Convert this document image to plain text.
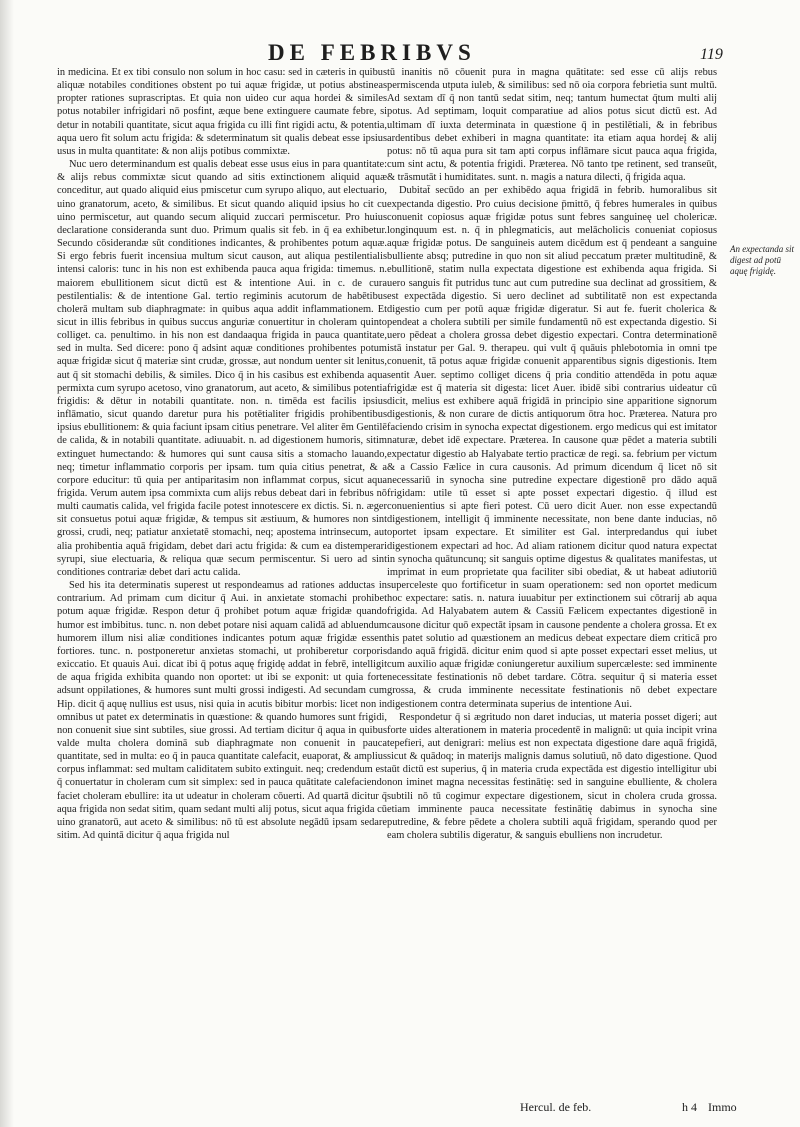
DE FEBRIBVS	119

in medicina. Et ex tibi consulo non solum in hoc casu: sed in cæteris in quibus aliquæ notabiles conditiones obstent po tui aquæ frigidæ, ut potius abstineas propter rationes suprascriptas. Et quia non uideo cur aqua hordei & similes potus notabiler infrigidari nō posfint, æque bene extinguere caumate febre, si detur in notabili quantitate, sicut aqua frigida cu illi fint rigidi actu, & potentia, aqua uero fit solum actu frigida: & sdeterminatum sit qualis debeat esse ipsius usus in multa quantitate: & non alijs potibus commixtæ.

Nuc uero determinandum est qualis debeat esse usus eius in para quantitate: & alijs rebus commixtæ sicut quando ad sitis extinctionem aliquid aquæ conceditur, aut quado aliquid eius pmiscetur cum syrupo aliquo, aut electuario, uino granatorum, aceto, & similibus. Et sicut quando aliquid ipsius ho cit cu uino permiscetur, aut quando secum aliquid zuccari permiscetur. Pro huius declaratione consideranda sunt duo. Primum qualis sit feb. in q̄ ea exhibetur. Secundo cōsiderandæ sūt conditiones indicantes, & prohibentes potum aquæ. Si ergo febris fuerit incensiua multum sicut causon, aut aliqua pestilentialis intensi caloris: tunc in his non est exhibenda pauca aqua frigida: timemus. n. maiorem ebullitionem sicut dictū est & intentione Aui. in c. de cura pestilentialis: & de intentione Gal. tertio regiminis acutorum de habētibus cholerā multam sub diaphragmate: in quibus aqua addit inflammationem. Et sicut in illis febribus in quibus succus anguriæ conuertitur in choleram quinto colliget. ca. penultimo. in his non est dandaaqua frigida in pauca quantitate, sed in multa. Sed dicere: pono q̄ adsint aquæ conditiones prohibentes potum aquæ frigidæ sicut q̄ materiæ sint crudæ, grossæ, aut nondum uenter sit lenitus, aut q̄ sit stomachi debilis, & similes. Dico q̄ in his casibus est exhibenda aqua permixta cum syrupo acetoso, vino granatorum, aut aceto, & similibus potentia frigidis: & dētur in notabili quantitate. non. n. timēda est facilis ipsius inflāmatio, sicut quando daretur pura his potētialiter frigidis prohibentibus ipsius ebullitionem: & quia faciunt ipsam citius penetrare. Vel aliter ēm Gentilē de calida, & in notabili quantitate. adiuuabit. n. ad digestionem humoris, sitim extinguet humectando: & humores qui sunt causa sitis a stomacho lauando, neq; timetur inflammatio corporis per ipsam. tum quia citius penetrat, & a corpore educitur: tū quia per antiparitasim non inflammat corpus, sicut aqua frigida. Verum autem ipsa commixta cum alijs rebus debeat dari in febribus nō multi caumatis calida, vel frigida facile potest innotescere ex dictis. Si. n. æger sit consuetus potui aquæ frigidæ, & tempus sit æstiuum, & humores non sint grossi, crudi, neq; patiatur anxietatē stomachi, neq; apostema intrinsecum, aut alia prohibentia aquā frigidam, debet dari actu frigida: & cum ea distemperari syrupi, siue electuaria, & reliqua quæ secum permiscentur. Si uero ad sint conditiones contrariæ debet dari actu calida.

Sed his ita determinatis superest ut respondeamus ad rationes adductas in contrarium. Ad primam cum dicitur q̄ Aui. in anxietate stomachi prohibet potum aquæ frigidæ. Respon detur q̄ prohibet potum aquæ frigidæ quando humor est imbibitus. tunc. n. non debet potare nisi aquam calidā ad abluendum humorem illum nisi aliæ conditiones indicantes potum aquæ frigidæ essent fortiores. tunc. n. postponeretur anxietas stomachi, ut prohiberetur corporis exiccatio. Et quauis Aui. dicat ibi q̄ potus aquę frigidę addat in febrē, intelligit de aqua frigida exhibita quando non oportet: ut ibi se exponit: ut quia forte adsunt oppilationes, & humores sunt multi grossi indigesti. Ad secundam cum Hip. dicit q̄ aquę nullius est usus, nisi quia in acutis bibitur morbis: licet non in omnibus ut patet ex determinatis in quæstione: & quando humores sunt frigidi, non conuenit siue sint subtiles, siue grossi. Ad tertiam dicitur q̄ aqua in quibus valde multa cholera dominā sub diaphragmate non conuenit in pauca quantitate, sed in multa: eo q̄ in pauca quantitate calefacit, euaporat, & amplius corpus inflammat: sed multam caliditatem subito extinguit. neq; credendum est q̄ conuertatur in choleram cum sit simplex: sed in pauca quātitate calefaciendo faciet choleram ebullire: ita ut udeatur in choleram cōuerti. Ad quartā dicitur q̄ aqua frigida non sedat sitim, quam sedant multi alij potus, sicut aqua frigida cū uino granatorū, aut aceto & similibus: nō tū est absolute negādū ipsam sedare sitim. Ad quintā dicitur q̄ aqua frigida nul

tū inanitis nō cōuenit pura in magna quātitate: sed esse cū alijs rebus permiscenda utputa iuleb, & similibus: sed nō oia corpora febrietia sunt multū. Ad sextam dī q̄ non tantū sedat sitim, neq; tantum humectat q̄tum multi alij potus. Ad septimam, loquit comparatiue ad alios potus sicut dictū est. Ad ultimam dī iuxta determinata in quæstione q̄ in pestilētiali, & in febribus ardentibus debet exhiberi in magna quantitate: ita etiam aqua hordeį & alij potus: nō tū aqua pura sit tam apti corpus inflāmare sicut pauca aqua frigida, cum sint actu, & potentia frigidi. Præterea. Nō tanto tpe retinent, sed transeūt, & trāsmutāt i humiditates. sunt. n. magis a natura dilecti, q̄ frigida aqua.

Dubitat̄ secūdo an per exhibēdo aqua frigidā in febrib. humoralibus sit expectanda digestio. Pro cuius decisione p̄mittō, q̄ febres humerales in quibus conuenit copiosus aquæ frigidæ potus sunt febres sanguineę uel cholericæ. longinquum est. n. q̄ in phlegmaticis, aut melācholicis conueniat copiosus aquæ frigidæ potus. De sanguineis autem dicēdum est q̄ pendeant a sanguine bulliente absq; putredine in quo non sit aliud peccatum præter multitudinē, & ebullitionē, statim nulla expectata digestione est exhibenda aqua frigida. Si uero sanguis fit putridus tunc aut cum putredine sua declinat ad grossitiem, & est expectāda digestio. Si uero declinet ad subtilitatē non est expectanda digestio cum per potū aquæ frigidæ digeratur. Si aut fe. fuerit cholerica & pendeat a cholera subtili per simile fundamentū nō est expectanda digestio. Si uero pēdeat a cholera grossa debet digestio expectari. Contra determinationē istā instatur per Gal. 9. therapeu. qui vult q̄ quāuis phlebotomia in omni tpe conuenit, tā potus aquæ frigidæ conuenit apparentibus signis digestionis. Item sentit Auer. septimo colliget dicens q̄ pria conditio attendēda in potu aquæ frigidæ est q̄ materia sit digesta: licet Auer. ibidē sibi contrarius uideatur cū dicit, melius est exhibere aquā frigidā in principio sine apparitione signorum digestionis, & non curare de dictis antiquorum ōtra hoc. Præterea. Natura pro faciendo crisim in synocha expectat digestionem. ergo medicus qui est imitator naturæ, debet idē expectare. Præterea. In causone quæ pēdet a materia subtili expectatur digestio ab Halyabate tertio practicæ de regi. sa. febrium per victum & a Cassio Fælice in cura causonis. Ad primum dicendum q̄ licet nō sit necessariū in synocha sine putredine expectare digestionē pro dādo aquā frigidam: utile tū esset si apte posset expectari digestio. q̄ illud est conuenientius si apte fieri potest. Cū uero dicit Auer. non esse expectandū digestionem, intelligit q̄ imminente necessitate, non bene dante inducias, nō oportet ipsam expectare. Et similiter est Gal. interpredandus qui iubet digestionem expectari ad hoc. Ad aliam rationem dicitur quod natura expectat in synocha quātuncunq; sit sanguis optime digestus & qualitates manifestas, ut imprimat in eum proprietate qua faciliter sibi obediat, & ut habeat adiutoriū superceleste quo fortificetur in suam operationem: sed non oportet medicum hoc expectare: satis. n. natura iuuabitur per extinctionem sui cōtrarij ab aqua frigida. Ad Halyabatem autem & Cassiū Fælicem expectantes digestionē in causone dicitur quō expectāt ipsam in causone pendente a cholera grossa. Et ex his patet solutio ad quæstionem an medicus debeat expectare diem criticā pro dando aquā frigidā. dicitur enim quod si apte posset expectari esset melius, ut cum auxilio aquæ frigidæ coniungeretur auxilium supercæleste: sed imminente necessitate festinationis nō debet tardare. Cōtra. sequitur q̄ si materia esset grossa, & cruda imminente necessitate festinationis nō debet expectare digestionem contra determinata superius de intentione Aui.

Respondetur q̄ si ægritudo non daret inducias, ut materia posset digeri; aut forte uides alterationem in materia procedentē in malignū: ut quia incipit vrina tepefieri, aut denigrari: melius est non expectata digestione dare aquā frigidā, sicut & quādoq; in materijs malignis damus solutiuū, nō dato digestione. Quod aūt dictū est superius, q̄ in materia cruda expectāda est digestio intelligitur ubi non iminet magna necessitas festinātię: sed in sanguine ebulliente, & cholera subtili nō tū cogimur expectare digestionem, sicut in cholera cruda grossa. etiam imminente pauca necessitate festinātię dabimus in synocha sine putredine, & febre pēdete a cholera subtili aquā frigidam, sperando quod per eam cholera subtilis digeratur, & sanguis ebulliens non incrudetur.

An expectanda sit digest ad potū aquę frigidę.
Hercul. de feb.	h 4 Immo
